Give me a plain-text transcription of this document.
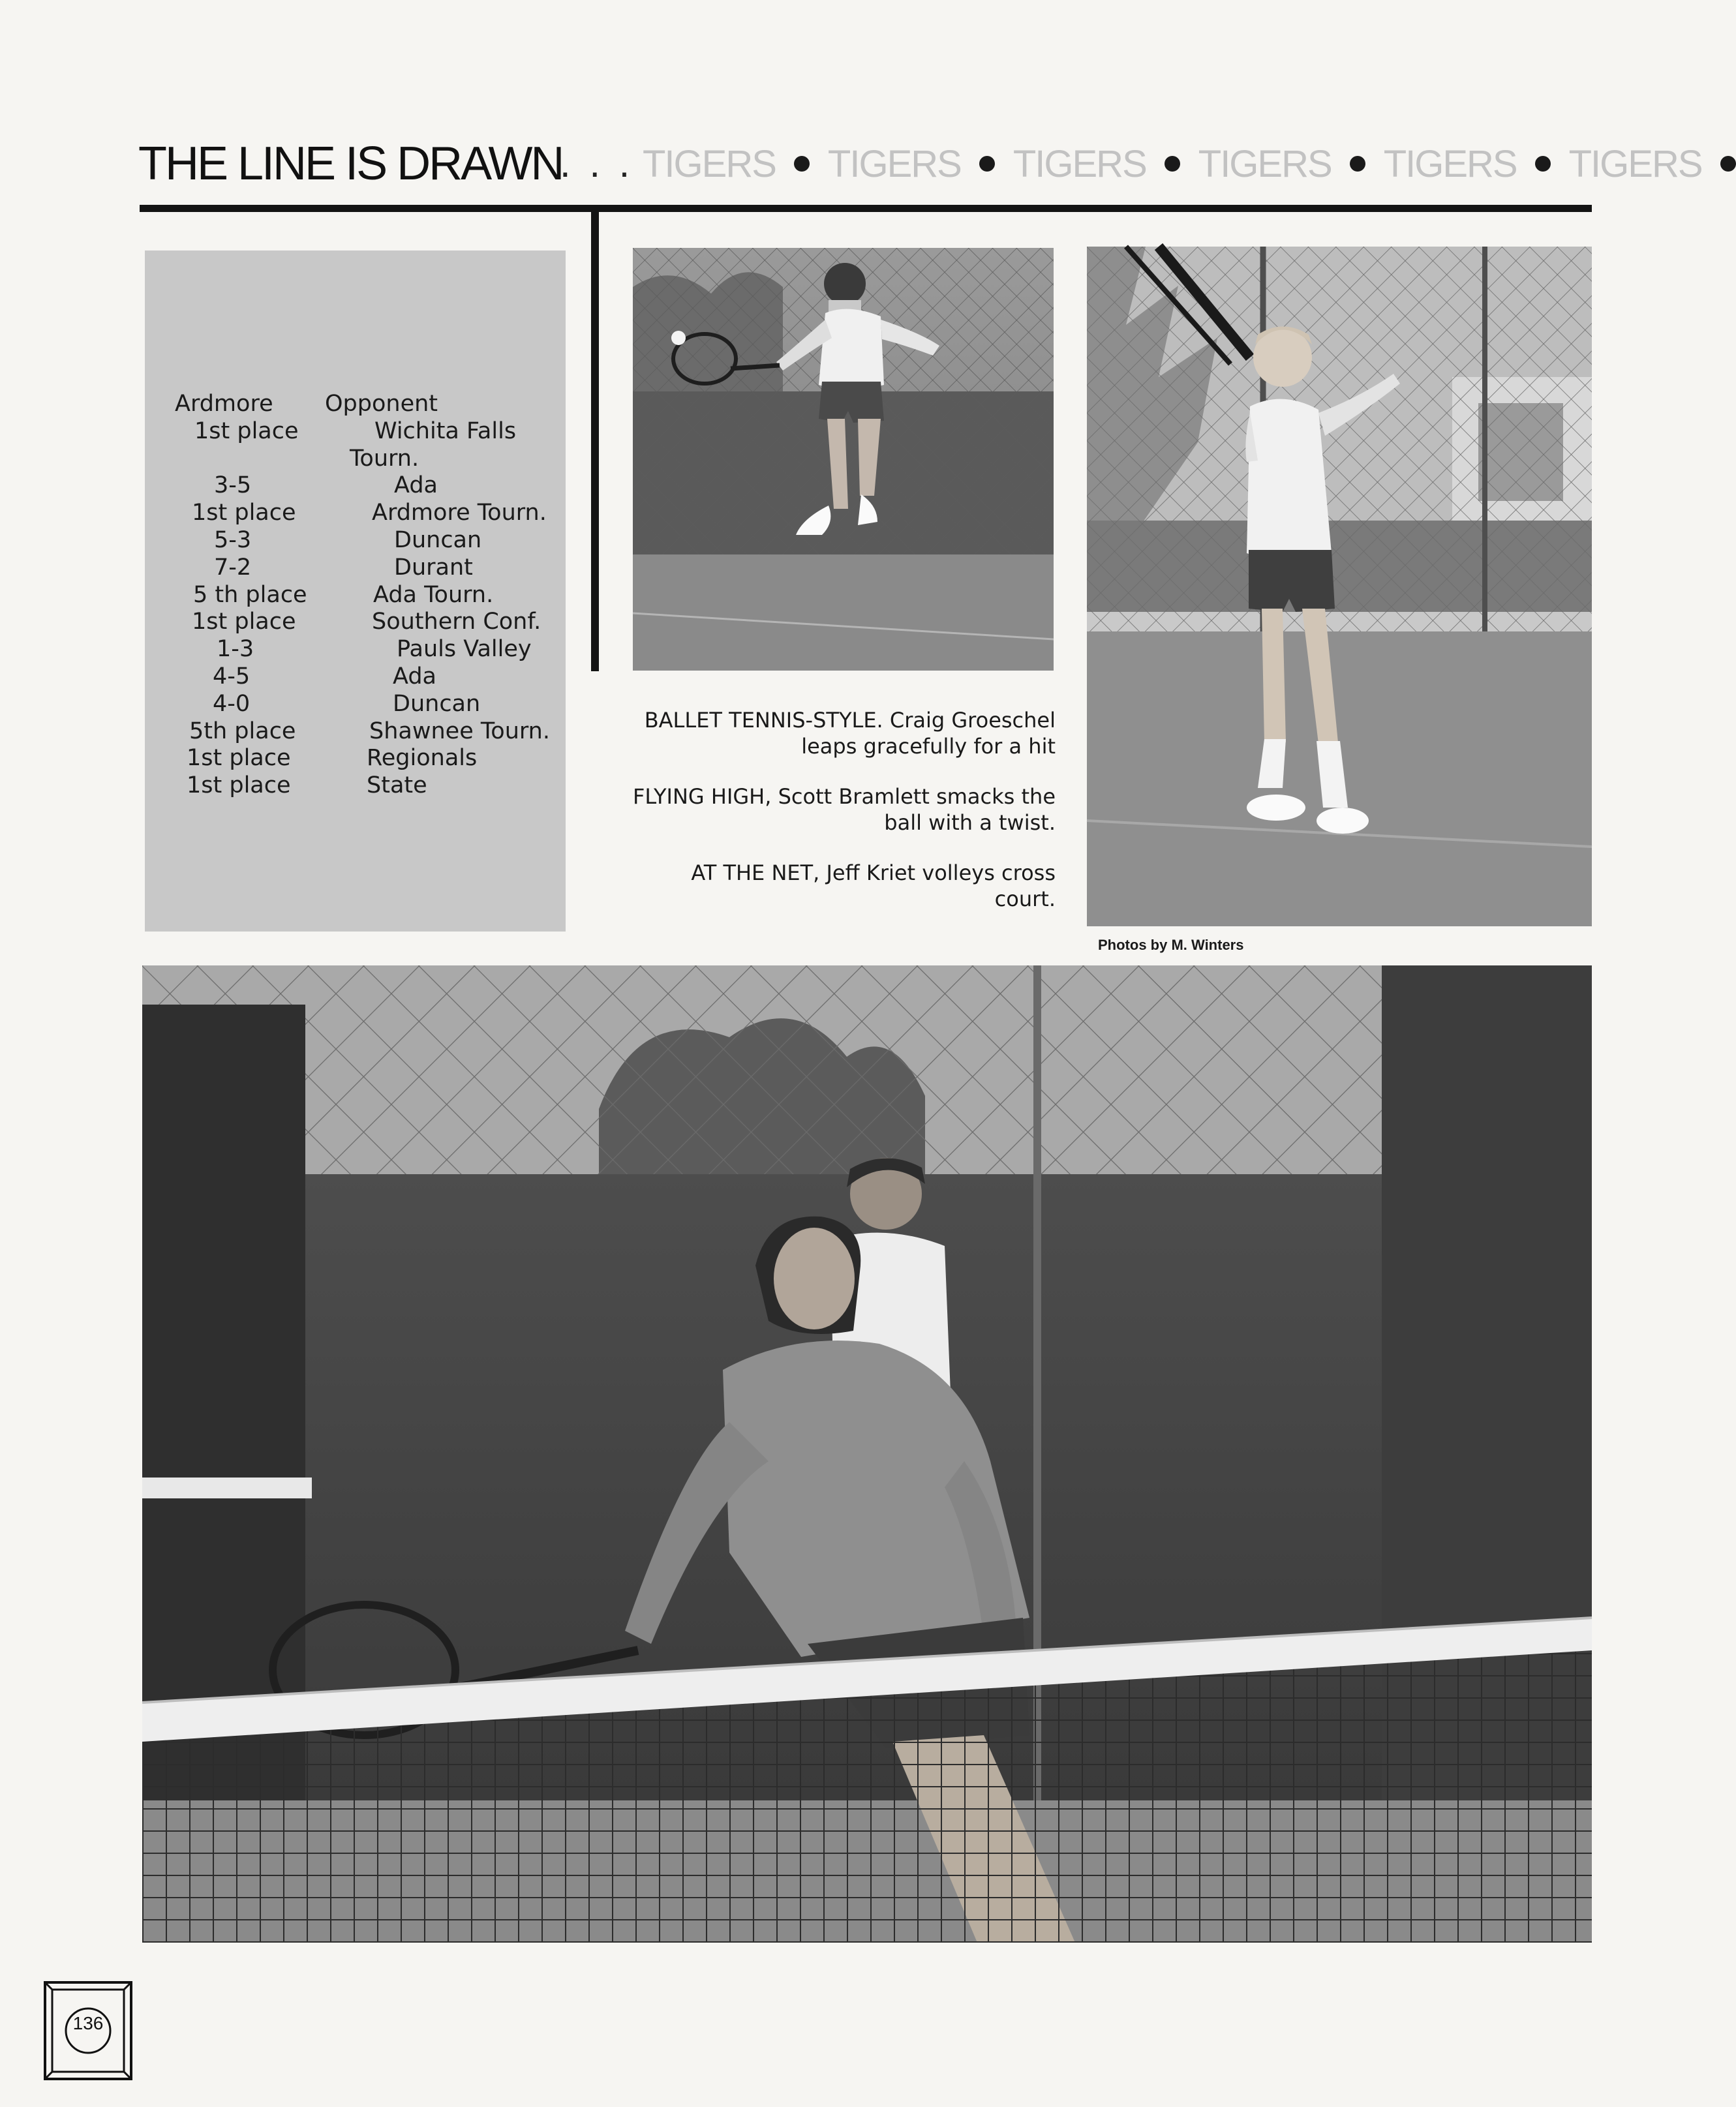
THE LINE IS DRAWN
. . . TIGERS TIGERS TIGERS TIGERS TIGERS TIGERS
Ardmore	Opponent
1st place	Wichita Falls
Tourn.
3-5	Ada
1st place	Ardmore Tourn.
5-3	Duncan
7-2	Durant
5 th place	Ada Tourn.
1st place	Southern Conf.
1-3	Pauls Valley
4-5	Ada
4-0	Duncan
5th place	Shawnee Tourn.
1st place	Regionals
1st place	State

BALLET TENNIS-STYLE. Craig Groeschel leaps gracefully for a hit

FLYING HIGH, Scott Bramlett smacks the ball with a twist.

AT THE NET, Jeff Kriet volleys cross court.

Photos by M. Winters
136
